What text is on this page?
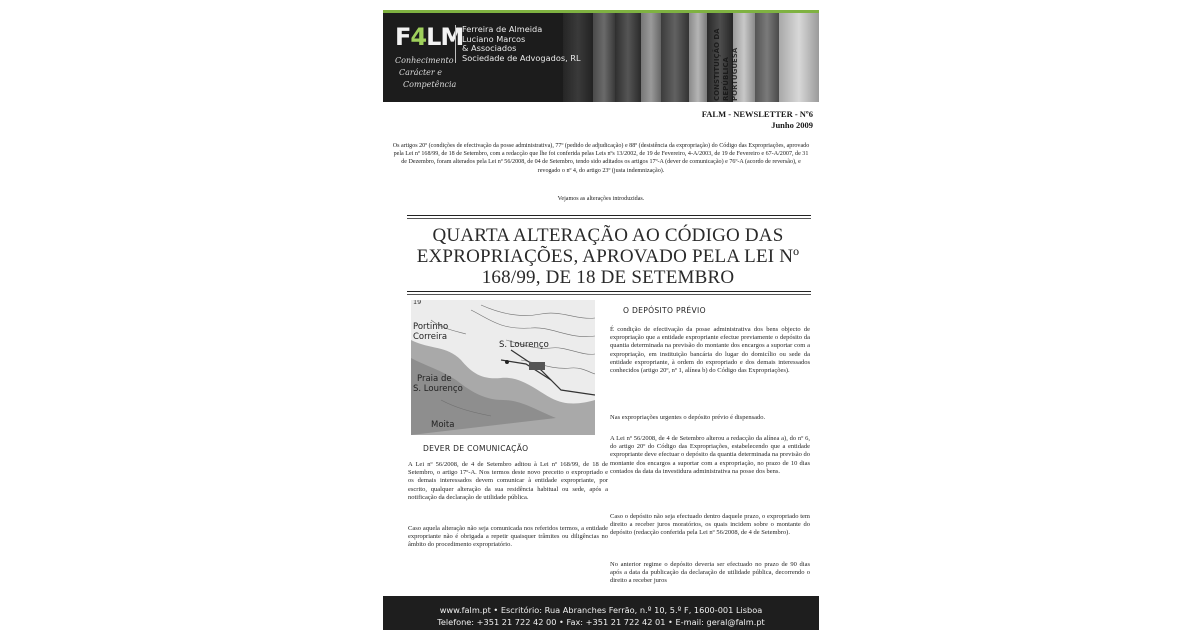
CONSTITUIÇÃO DA REPÚBLICA PORTUGUESA
F4LM
Ferreira de Almeida
Luciano Marcos
& Associados
Sociedade de Advogados, RL
Conhecimento
Carácter e
Competência
FALM - NEWSLETTER - Nº6
Junho 2009
Os artigos 20º (condições de efectivação da posse administrativa), 77º (pedido de adjudicação) e 88º (desistência da expropriação) do Código das Expropriações, aprovado pela Lei nº 168/99, de 18 de Setembro, com a redacção que lhe foi conferida pelas Leis nºs 13/2002, de 19 de Fevereiro, 4-A/2003, de 19 de Fevereiro e 67-A/2007, de 31 de Dezembro, foram alterados pela Lei nº 56/2008, de 04 de Setembro, tendo sido aditados os artigos 17º-A (dever de comunicação) e 76º-A (acordo de reversão), e revogado o nº 4, do artigo 23º (justa indemnização).
Vejamos as alterações introduzidas.
QUARTA ALTERAÇÃO AO CÓDIGO DAS EXPROPRIAÇÕES, APROVADO PELA LEI Nº 168/99, DE 18 DE SETEMBRO
19
Portinho
Correira
S. Lourenço
Praia de
S. Lourenço
Moita
O DEPÓSITO PRÉVIO
É condição de efectivação da posse administrativa dos bens objecto de expropriação que a entidade expropriante efectue previamente o depósito da quantia determinada na previsão do montante dos encargos a suportar com a expropriação, em instituição bancária do lugar do domicílio ou sede da entidade expropriante, à ordem do expropriado e dos demais interessados conhecidos (artigo 20º, nº 1, alínea b) do Código das Expropriações).
Nas expropriações urgentes o depósito prévio é dispensado.
A Lei nº 56/2008, de 4 de Setembro alterou a redacção da alínea a), do nº 6, do artigo 20º do Código das Expropriações, estabelecendo que a entidade expropriante deve efectuar o depósito da quantia determinada na previsão do montante dos encargos a suportar com a expropriação, no prazo de 10 dias contados da data da investidura administrativa na posse dos bens.
Caso o depósito não seja efectuado dentro daquele prazo, o expropriado tem direito a receber juros moratórios, os quais incidem sobre o montante do depósito (redacção conferida pela Lei nº 56/2008, de 4 de Setembro).
No anterior regime o depósito deveria ser efectuado no prazo de 90 dias após a data da publicação da declaração de utilidade pública, decorrendo o direito a receber juros
DEVER DE COMUNICAÇÃO
A Lei nº 56/2008, de 4 de Setembro aditou à Lei nº 168/99, de 18 de Setembro, o artigo 17º-A. Nos termos deste novo preceito o expropriado e os demais interessados devem comunicar à entidade expropriante, por escrito, qualquer alteração da sua residência habitual ou sede, após a notificação da declaração de utilidade pública.
Caso aquela alteração não seja comunicada nos referidos termos, a entidade expropriante não é obrigada a repetir quaisquer trâmites ou diligências no âmbito do procedimento expropriatório.
www.falm.pt • Escritório: Rua Abranches Ferrão, n.º 10, 5.º F, 1600-001 Lisboa
Telefone: +351 21 722 42 00 • Fax: +351 21 722 42 01 • E-mail: geral@falm.pt
